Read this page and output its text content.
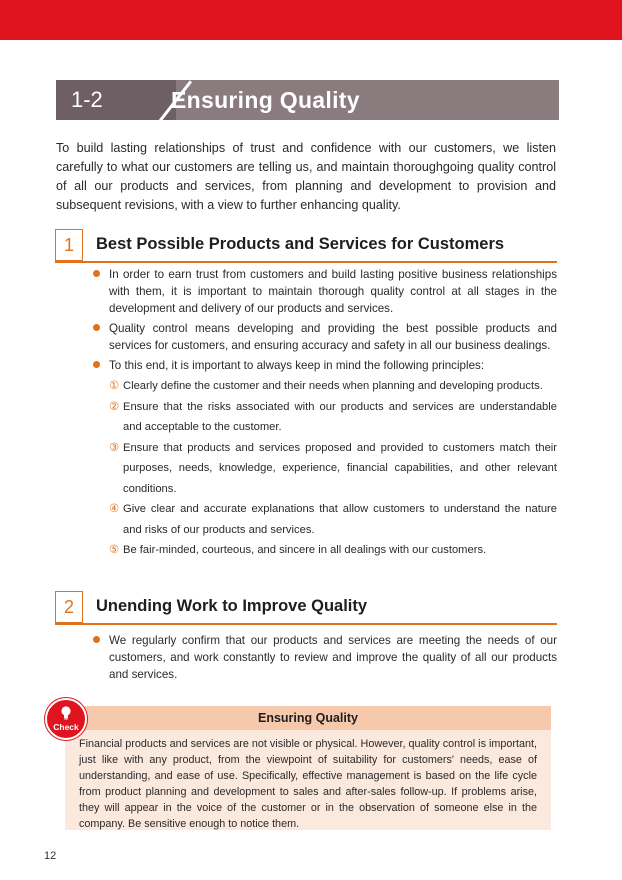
1-2	Ensuring Quality

To build lasting relationships of trust and confidence with our customers, we listen carefully to what our customers are telling us, and maintain thoroughgoing quality control of all our products and services, from planning and development to provision and subsequent revisions, with a view to further enhancing quality.

1	Best Possible Products and Services for Customers
In order to earn trust from customers and build lasting positive business relationships with them, it is important to maintain thorough quality control at all stages in the development and delivery of our products and services.
Quality control means developing and providing the best possible products and services for customers, and ensuring accuracy and safety in all our business dealings.
To this end, it is important to always keep in mind the following principles:
① Clearly define the customer and their needs when planning and developing products.
② Ensure that the risks associated with our products and services are understandable and acceptable to the customer.
③ Ensure that products and services proposed and provided to customers match their purposes, needs, knowledge, experience, financial capabilities, and other relevant conditions.
④ Give clear and accurate explanations that allow customers to understand the nature and risks of our products and services.
⑤ Be fair-minded, courteous, and sincere in all dealings with our customers.
2	Unending Work to Improve Quality
We regularly confirm that our products and services are meeting the needs of our customers, and work constantly to review and improve the quality of all our products and services.
Ensuring Quality
Financial products and services are not visible or physical. However, quality control is important, just like with any product, from the viewpoint of suitability for customers' needs, ease of understanding, and ease of use. Specifically, effective management is based on the life cycle from product planning and development to sales and after-sales follow-up. If problems arise, they will appear in the voice of the customer or in the observation of someone else in the company. Be sensitive enough to notice them.
Check
12
